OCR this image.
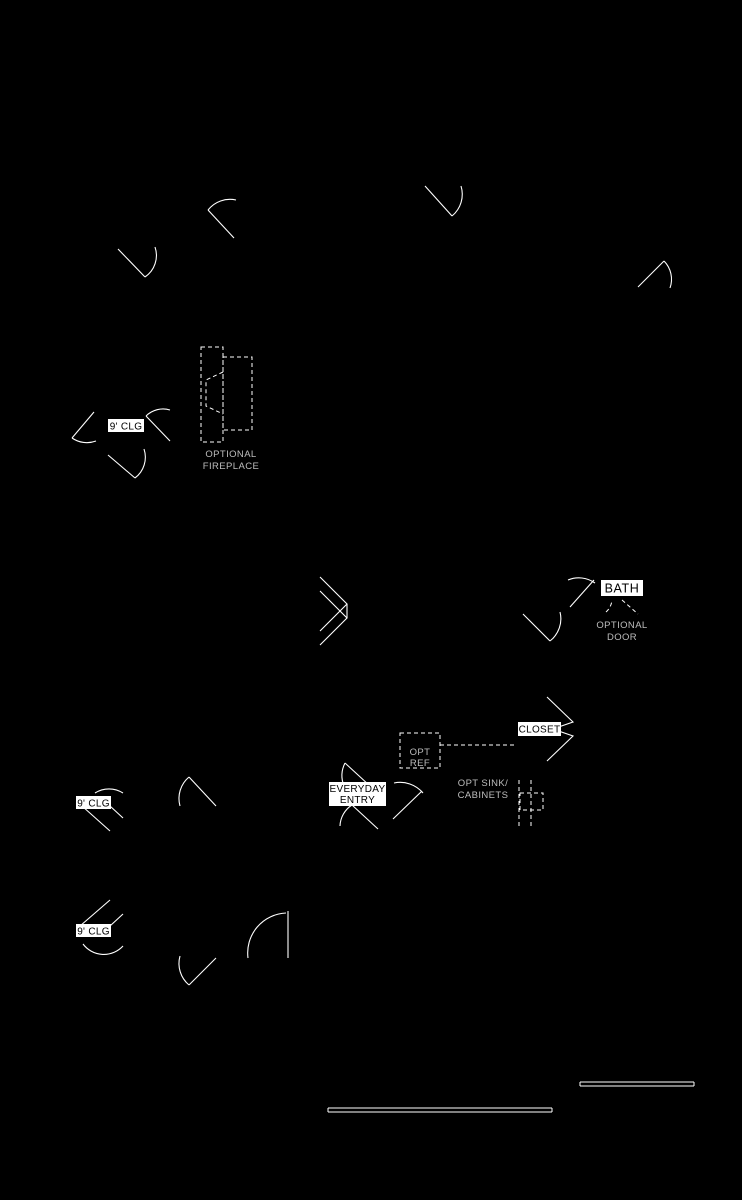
9' CLG
BATH
CLOSET
EVERYDAY
ENTRY
9' CLG
9' CLG
OPTIONAL
FIREPLACE
OPTIONAL
DOOR
OPT
REF
OPT SINK/
CABINETS
